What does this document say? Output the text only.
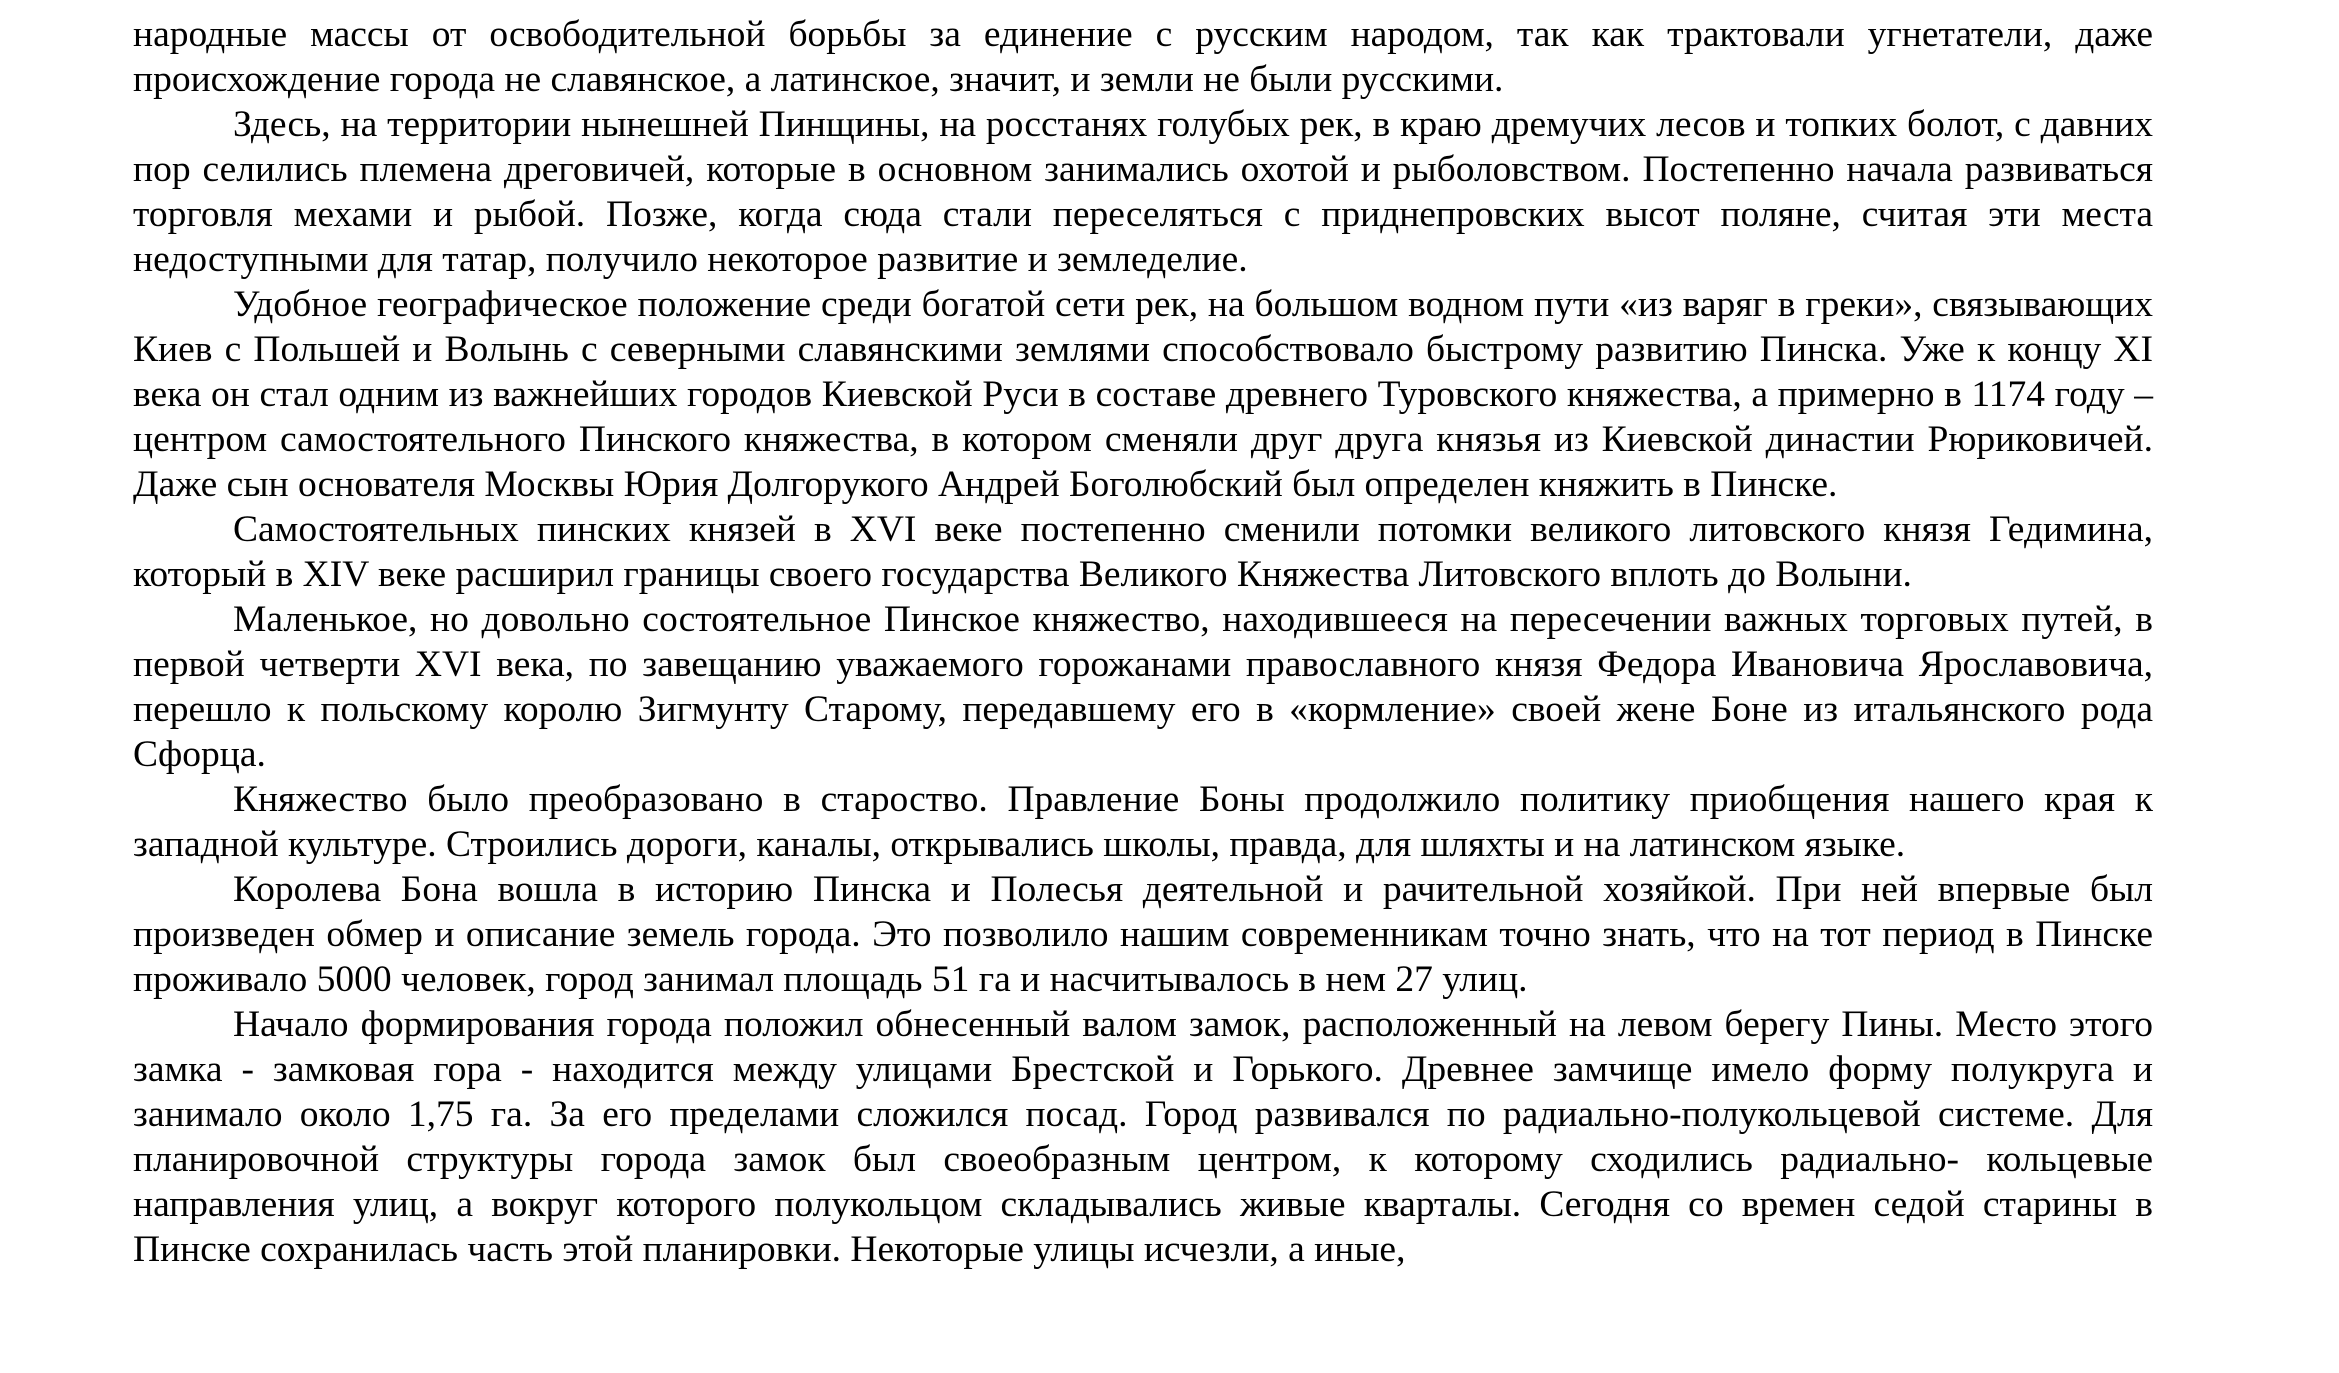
народные массы от освободительной борьбы за единение с русским народом, так как трактовали угнетатели, даже происхождение города не славянское, а латинское, значит, и земли не были русскими.

Здесь, на территории нынешней Пинщины, на росстанях голубых рек, в краю дремучих лесов и топких болот, с давних пор селились племена дреговичей, которые в основном занимались охотой и рыболовством. Постепенно начала развиваться торговля мехами и рыбой. Позже, когда сюда стали переселяться с приднепровских высот поляне, считая эти места недоступными для татар, получило некоторое развитие и земледелие.

Удобное географическое положение среди богатой сети рек, на большом водном пути «из варяг в греки», связывающих Киев с Польшей и Волынь с северными славянскими землями способствовало быстрому развитию Пинска. Уже к концу XI века он стал одним из важнейших городов Киевской Руси в составе древнего Туровского княжества, а примерно в 1174 году – центром самостоятельного Пинского княжества, в котором сменяли друг друга князья из Киевской династии Рюриковичей. Даже сын основателя Москвы Юрия Долгорукого Андрей Боголюбский был определен княжить в Пинске.

Самостоятельных пинских князей в XVI веке постепенно сменили потомки великого литовского князя Гедимина, который в XIV веке расширил границы своего государства Великого Княжества Литовского вплоть до Волыни.

Маленькое, но довольно состоятельное Пинское княжество, находившееся на пересечении важных торговых путей, в первой четверти XVI века, по завещанию уважаемого горожанами православного князя Федора Ивановича Ярославовича, перешло к польскому королю Зигмунту Старому, передавшему его в «кормление» своей жене Боне из итальянского рода Сфорца.

Княжество было преобразовано в староство. Правление Боны продолжило политику приобщения нашего края к западной культуре. Строились дороги, каналы, открывались школы, правда, для шляхты и на латинском языке.

Королева Бона вошла в историю Пинска и Полесья деятельной и рачительной хозяйкой. При ней впервые был произведен обмер и описание земель города. Это позволило нашим современникам точно знать, что на тот период в Пинске проживало 5000 человек, город занимал площадь 51 га и насчитывалось в нем 27 улиц.

Начало формирования города положил обнесенный валом замок, расположенный на левом берегу Пины. Место этого замка - замковая гора - находится между улицами Брестской и Горького. Древнее замчище имело форму полукруга и занимало около 1,75 га. За его пределами сложился посад. Город развивался по радиально-полукольцевой системе. Для планировочной структуры города замок был своеобразным центром, к которому сходились радиально- кольцевые направления улиц, а вокруг которого полукольцом складывались живые кварталы. Сегодня со времен седой старины в Пинске сохранилась часть этой планировки. Некоторые улицы исчезли, а иные,
